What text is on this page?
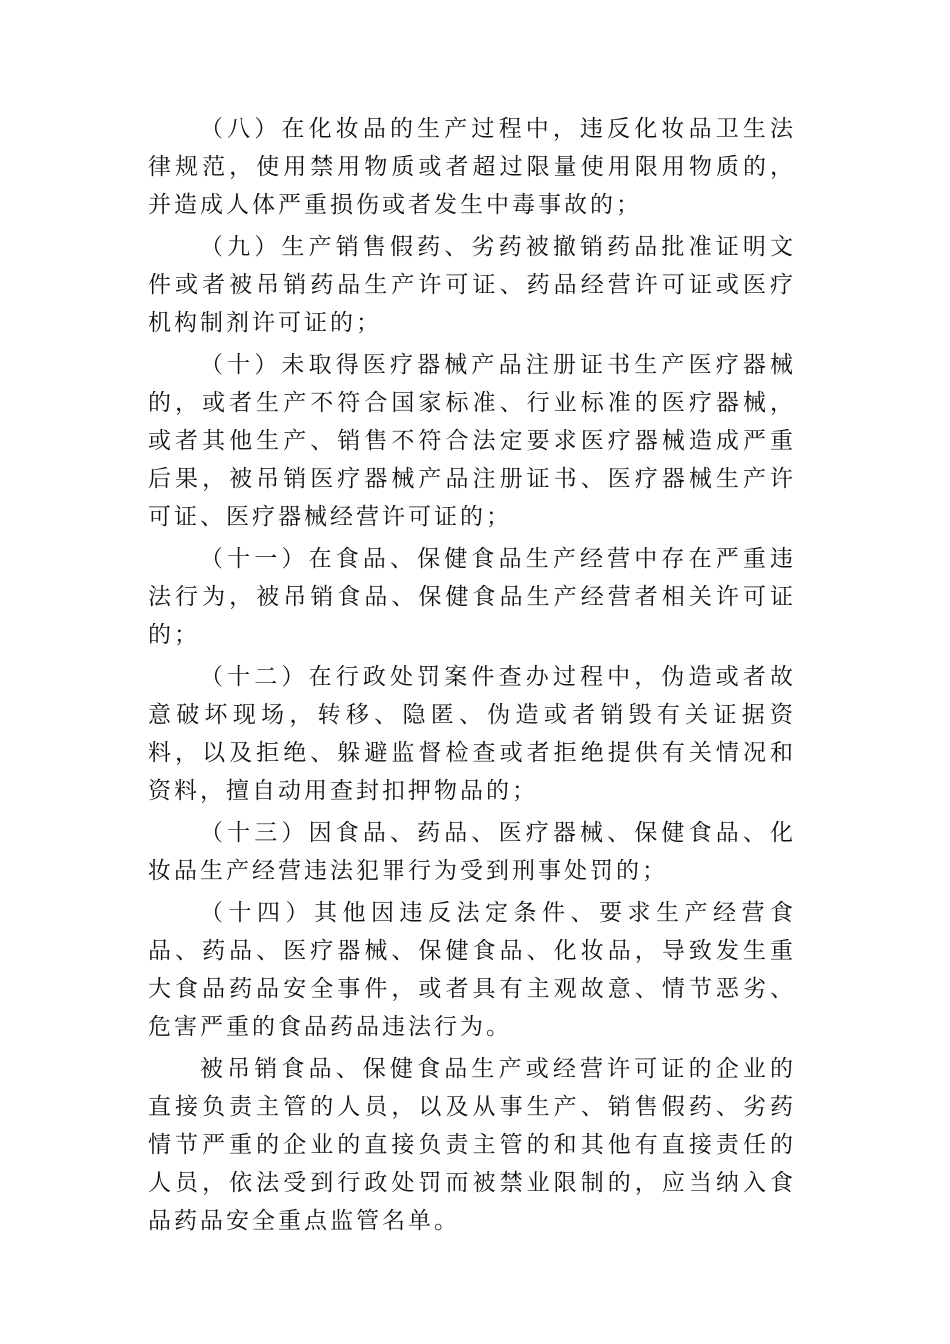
（八）在化妆品的生产过程中，违反化妆品卫生法律规范，使用禁用物质或者超过限量使用限用物质的，并造成人体严重损伤或者发生中毒事故的；

（九）生产销售假药、劣药被撤销药品批准证明文件或者被吊销药品生产许可证、药品经营许可证或医疗机构制剂许可证的；

（十）未取得医疗器械产品注册证书生产医疗器械的，或者生产不符合国家标准、行业标准的医疗器械，或者其他生产、销售不符合法定要求医疗器械造成严重后果，被吊销医疗器械产品注册证书、医疗器械生产许可证、医疗器械经营许可证的；

（十一）在食品、保健食品生产经营中存在严重违法行为，被吊销食品、保健食品生产经营者相关许可证的；

（十二）在行政处罚案件查办过程中，伪造或者故意破坏现场，转移、隐匿、伪造或者销毁有关证据资料，以及拒绝、躲避监督检查或者拒绝提供有关情况和资料，擅自动用查封扣押物品的；

（十三）因食品、药品、医疗器械、保健食品、化妆品生产经营违法犯罪行为受到刑事处罚的；

（十四）其他因违反法定条件、要求生产经营食品、药品、医疗器械、保健食品、化妆品，导致发生重大食品药品安全事件，或者具有主观故意、情节恶劣、危害严重的食品药品违法行为。

被吊销食品、保健食品生产或经营许可证的企业的直接负责主管的人员，以及从事生产、销售假药、劣药情节严重的企业的直接负责主管的和其他有直接责任的人员，依法受到行政处罚而被禁业限制的，应当纳入食品药品安全重点监管名单。
